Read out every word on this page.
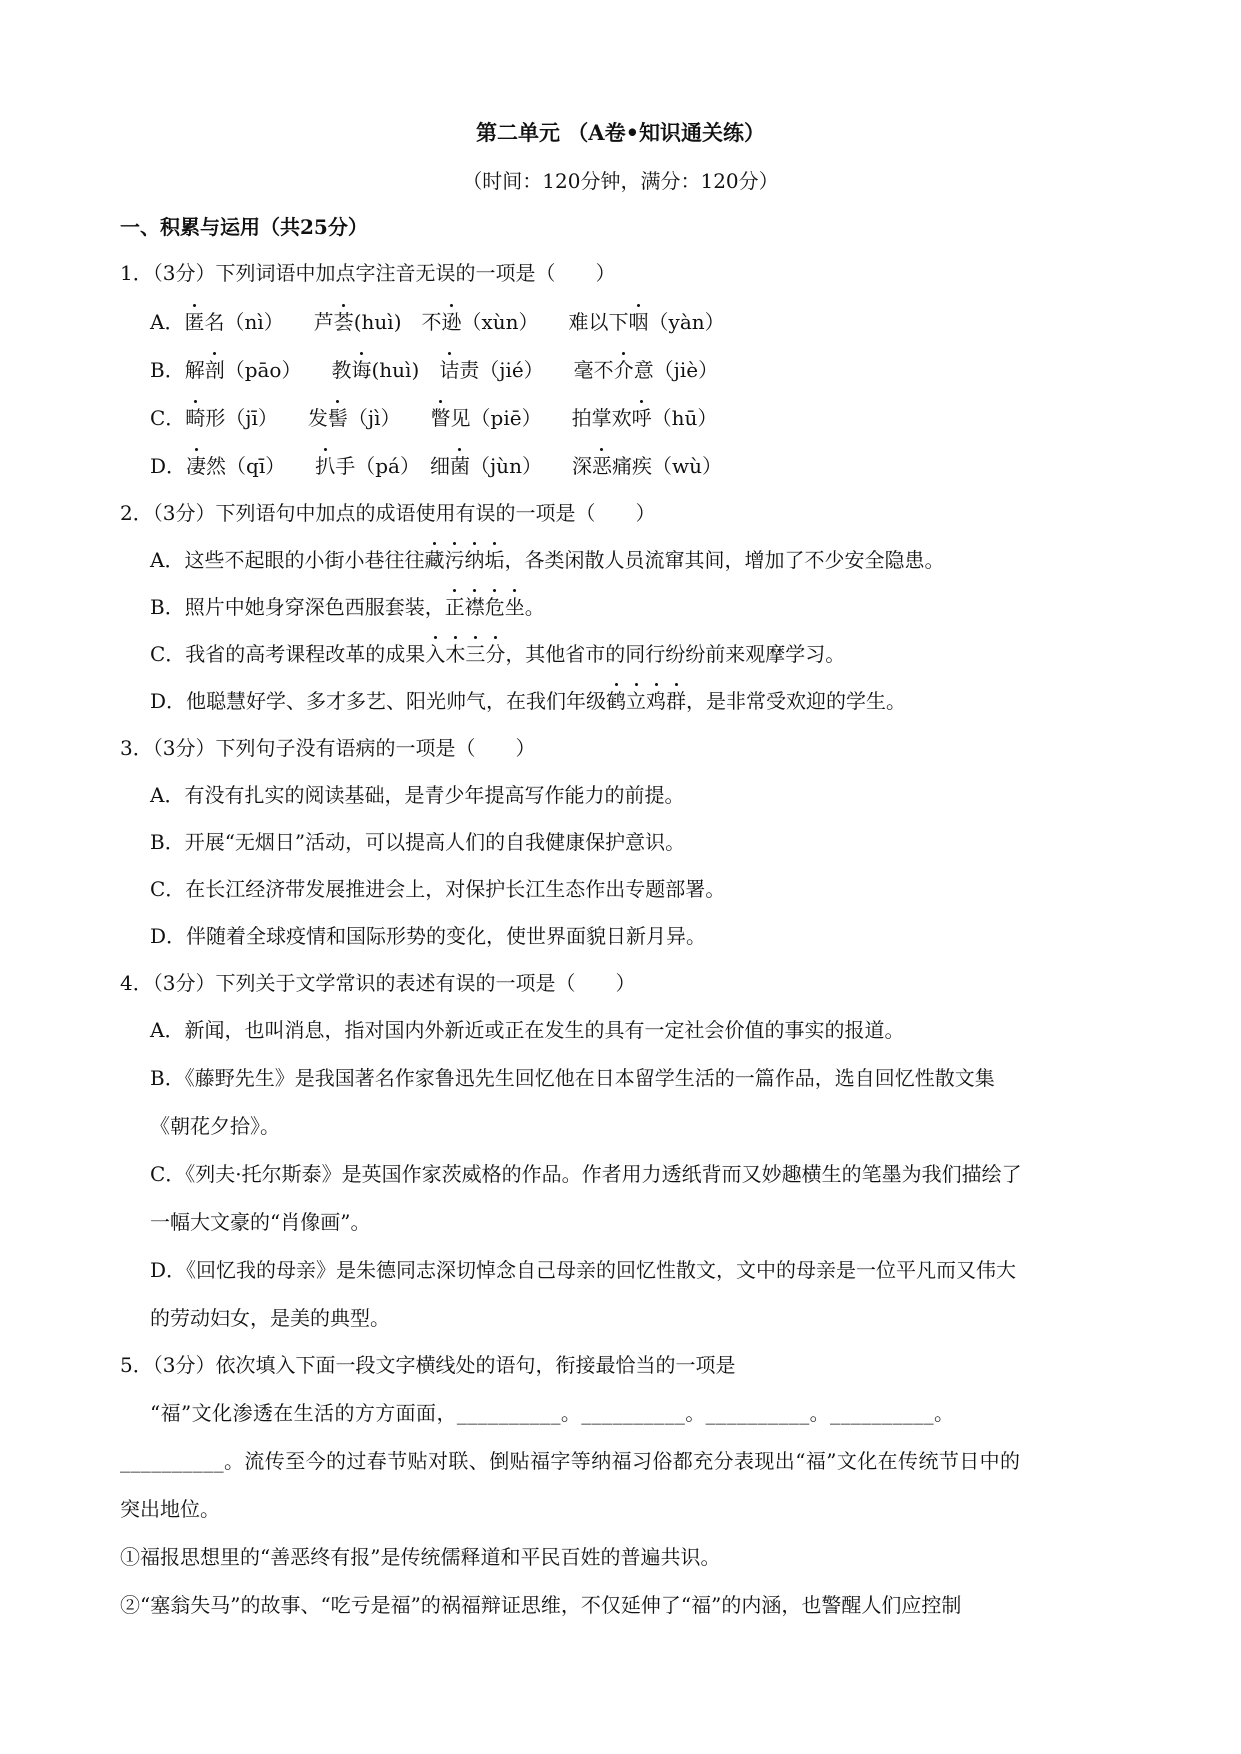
第二单元 （A卷•知识通关练）
（时间：120分钟，满分：120分）
一、积累与运用（共25分）
1．（3分）下列词语中加点字注音无误的一项是（　　）
A．匿名（nì）　　芦荟(huì)　不逊（xùn）　　难以下咽（yàn）
B．解剖（pāo）　　教诲(huì)　诘责（jié）　　毫不介意（jiè）
C．畸形（jī）　　发髻（jì）　　瞥见（piē）　　拍掌欢呼（hū）
D．凄然（qī）　　扒手（pá）　细菌（jùn）　　深恶痛疾（wù）
2．（3分）下列语句中加点的成语使用有误的一项是（　　）
A．这些不起眼的小街小巷往往藏污纳垢，各类闲散人员流窜其间，增加了不少安全隐患。
B．照片中她身穿深色西服套装，正襟危坐。
C．我省的高考课程改革的成果入木三分，其他省市的同行纷纷前来观摩学习。
D．他聪慧好学、多才多艺、阳光帅气，在我们年级鹤立鸡群，是非常受欢迎的学生。
3．（3分）下列句子没有语病的一项是（　　）
A．有没有扎实的阅读基础，是青少年提高写作能力的前提。
B．开展“无烟日”活动，可以提高人们的自我健康保护意识。
C．在长江经济带发展推进会上，对保护长江生态作出专题部署。
D．伴随着全球疫情和国际形势的变化，使世界面貌日新月异。
4．（3分）下列关于文学常识的表述有误的一项是（　　）
A．新闻，也叫消息，指对国内外新近或正在发生的具有一定社会价值的事实的报道。
B．《藤野先生》是我国著名作家鲁迅先生回忆他在日本留学生活的一篇作品，选自回忆性散文集
《朝花夕拾》。
C．《列夫·托尔斯泰》是英国作家茨威格的作品。作者用力透纸背而又妙趣横生的笔墨为我们描绘了
一幅大文豪的“肖像画”。
D．《回忆我的母亲》是朱德同志深切悼念自己母亲的回忆性散文，文中的母亲是一位平凡而又伟大
的劳动妇女，是美的典型。
5．（3分）依次填入下面一段文字横线处的语句，衔接最恰当的一项是
“福”文化渗透在生活的方方面面，__________。__________。__________。__________。
__________。流传至今的过春节贴对联、倒贴福字等纳福习俗都充分表现出“福”文化在传统节日中的
突出地位。
①福报思想里的“善恶终有报”是传统儒释道和平民百姓的普遍共识。
②“塞翁失马”的故事、“吃亏是福”的祸福辩证思维，不仅延伸了“福”的内涵，也警醒人们应控制
